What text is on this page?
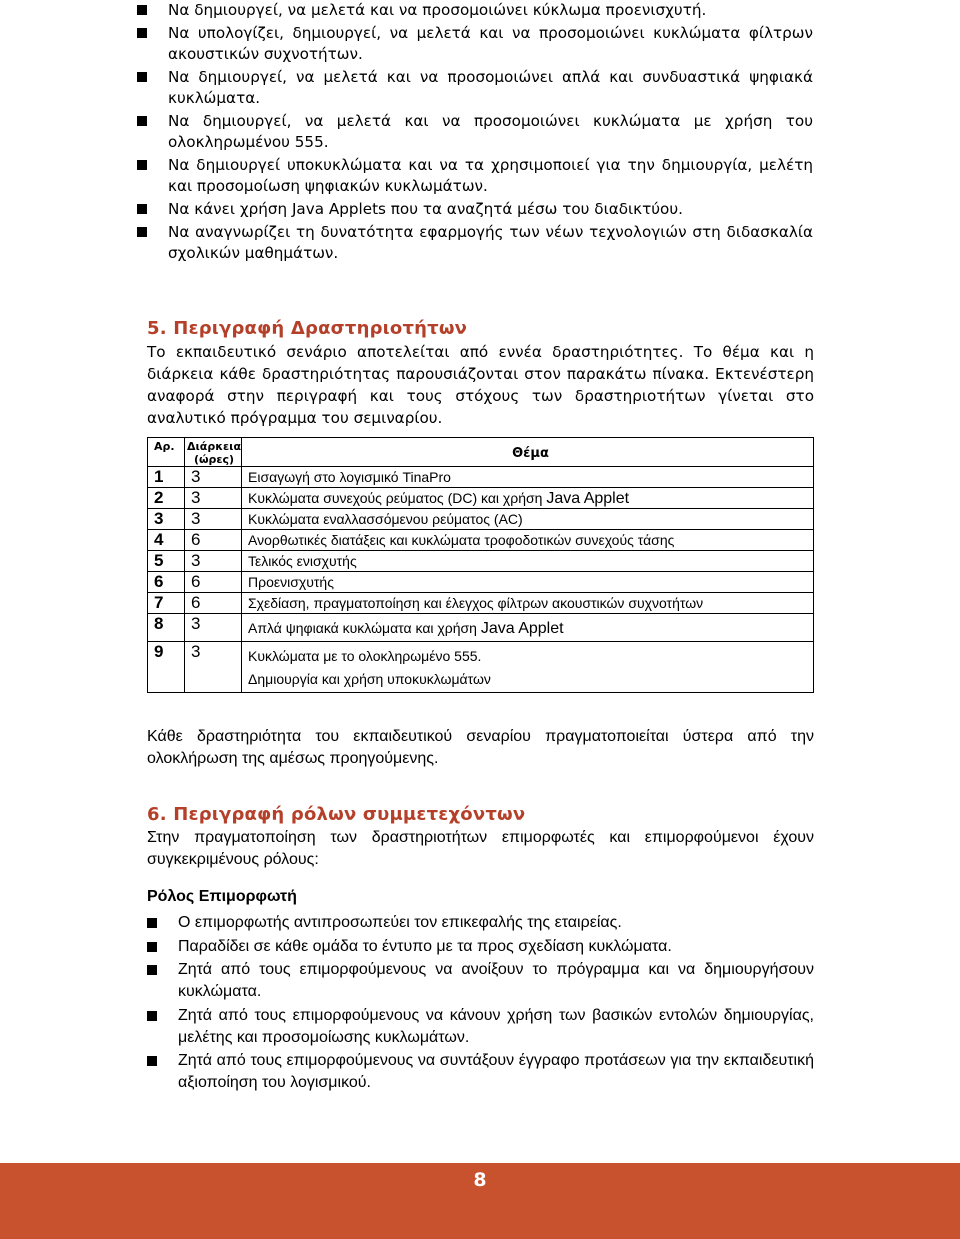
Να δημιουργεί, να μελετά και να προσομοιώνει κύκλωμα προενισχυτή.
Να υπολογίζει, δημιουργεί, να μελετά και να προσομοιώνει κυκλώματα φίλτρων ακουστικών συχνοτήτων.
Να δημιουργεί, να μελετά και να προσομοιώνει απλά και συνδυαστικά ψηφιακά κυκλώματα.
Να δημιουργεί, να μελετά και να προσομοιώνει κυκλώματα με χρήση του ολοκληρωμένου 555.
Να δημιουργεί υποκυκλώματα και να τα χρησιμοποιεί για την δημιουργία, μελέτη και προσομοίωση ψηφιακών κυκλωμάτων.
Να κάνει χρήση Java Applets που τα αναζητά μέσω του διαδικτύου.
Να αναγνωρίζει τη δυνατότητα εφαρμογής των νέων τεχνολογιών στη διδασκαλία σχολικών μαθημάτων.
5. Περιγραφή Δραστηριοτήτων

Το εκπαιδευτικό σενάριο αποτελείται από εννέα δραστηριότητες. Το θέμα και η διάρκεια κάθε δραστηριότητας παρουσιάζονται στον παρακάτω πίνακα. Εκτενέστερη αναφορά στην περιγραφή και τους στόχους των δραστηριοτήτων γίνεται στο αναλυτικό πρόγραμμα του σεμιναρίου.

Αρ.	Διάρκεια (ώρες)	Θέμα
1	3	Εισαγωγή στο λογισμικό TinaPro
2	3	Κυκλώματα συνεχούς ρεύματος (DC) και χρήση Java Applet
3	3	Κυκλώματα εναλλασσόμενου ρεύματος (AC)
4	6	Ανορθωτικές διατάξεις και κυκλώματα τροφοδοτικών συνεχούς τάσης
5	3	Τελικός ενισχυτής
6	6	Προενισχυτής
7	6	Σχεδίαση, πραγματοποίηση και έλεγχος φίλτρων ακουστικών συχνοτήτων
8	3	Απλά ψηφιακά κυκλώματα και χρήση Java Applet
9	3	Κυκλώματα με το ολοκληρωμένο 555.
Δημιουργία και χρήση υποκυκλωμάτων

Κάθε δραστηριότητα του εκπαιδευτικού σεναρίου πραγματοποιείται ύστερα από την ολοκλήρωση της αμέσως προηγούμενης.

6. Περιγραφή ρόλων συμμετεχόντων

Στην πραγματοποίηση των δραστηριοτήτων επιμορφωτές και επιμορφούμενοι έχουν συγκεκριμένους ρόλους:

Ρόλος Επιμορφωτή
Ο επιμορφωτής αντιπροσωπεύει τον επικεφαλής της εταιρείας.
Παραδίδει σε κάθε ομάδα το έντυπο με τα προς σχεδίαση κυκλώματα.
Ζητά από τους επιμορφούμενους να ανοίξουν το πρόγραμμα και να δημιουργήσουν κυκλώματα.
Ζητά από τους επιμορφούμενους να κάνουν χρήση των βασικών εντολών δημιουργίας, μελέτης και προσομοίωσης κυκλωμάτων.
Ζητά από τους επιμορφούμενους να συντάξουν έγγραφο προτάσεων για την εκπαιδευτική αξιοποίηση του λογισμικού.
8
